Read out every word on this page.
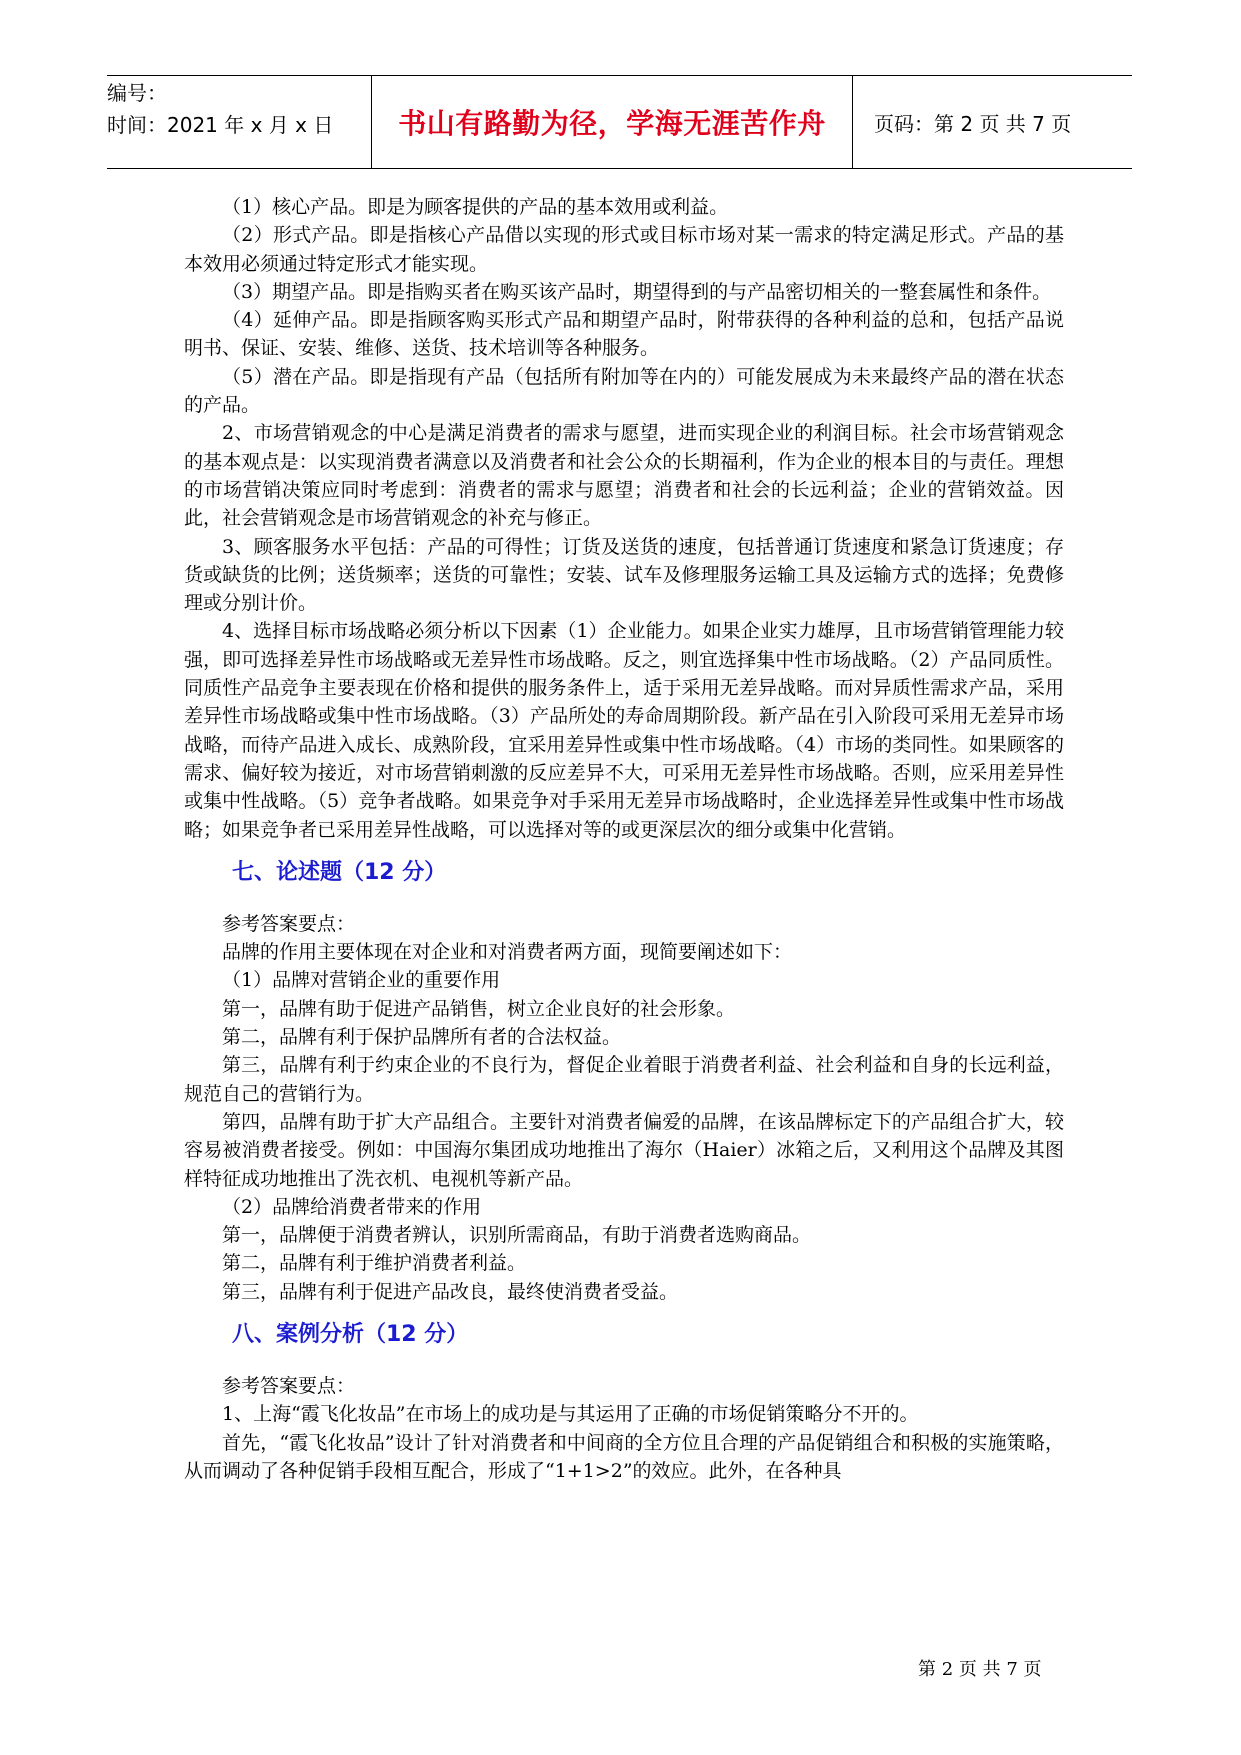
编号：
时间：2021 年 x 月 x 日	书山有路勤为径，学海无涯苦作舟 页码：第 2 页 共 7 页

（1）核心产品。即是为顾客提供的产品的基本效用或利益。

（2）形式产品。即是指核心产品借以实现的形式或目标市场对某一需求的特定满足形式。产品的基本效用必须通过特定形式才能实现。

（3）期望产品。即是指购买者在购买该产品时，期望得到的与产品密切相关的一整套属性和条件。

（4）延伸产品。即是指顾客购买形式产品和期望产品时，附带获得的各种利益的总和，包括产品说明书、保证、安装、维修、送货、技术培训等各种服务。

（5）潜在产品。即是指现有产品（包括所有附加等在内的）可能发展成为未来最终产品的潜在状态的产品。

2、市场营销观念的中心是满足消费者的需求与愿望，进而实现企业的利润目标。社会市场营销观念的基本观点是：以实现消费者满意以及消费者和社会公众的长期福利，作为企业的根本目的与责任。理想的市场营销决策应同时考虑到：消费者的需求与愿望；消费者和社会的长远利益；企业的营销效益。因此，社会营销观念是市场营销观念的补充与修正。

3、顾客服务水平包括：产品的可得性；订货及送货的速度，包括普通订货速度和紧急订货速度；存货或缺货的比例；送货频率；送货的可靠性；安装、试车及修理服务运输工具及运输方式的选择；免费修理或分别计价。

4、选择目标市场战略必须分析以下因素（1）企业能力。如果企业实力雄厚，且市场营销管理能力较强，即可选择差异性市场战略或无差异性市场战略。反之，则宜选择集中性市场战略。（2）产品同质性。同质性产品竞争主要表现在价格和提供的服务条件上，适于采用无差异战略。而对异质性需求产品，采用差异性市场战略或集中性市场战略。（3）产品所处的寿命周期阶段。新产品在引入阶段可采用无差异市场战略，而待产品进入成长、成熟阶段，宜采用差异性或集中性市场战略。（4）市场的类同性。如果顾客的需求、偏好较为接近，对市场营销刺激的反应差异不大，可采用无差异性市场战略。否则，应采用差异性或集中性战略。（5）竞争者战略。如果竞争对手采用无差异市场战略时，企业选择差异性或集中性市场战略；如果竞争者已采用差异性战略，可以选择对等的或更深层次的细分或集中化营销。

七、论述题（12 分）

参考答案要点：

品牌的作用主要体现在对企业和对消费者两方面，现简要阐述如下：

（1）品牌对营销企业的重要作用

第一，品牌有助于促进产品销售，树立企业良好的社会形象。

第二，品牌有利于保护品牌所有者的合法权益。

第三，品牌有利于约束企业的不良行为，督促企业着眼于消费者利益、社会利益和自身的长远利益，规范自己的营销行为。

第四，品牌有助于扩大产品组合。主要针对消费者偏爱的品牌，在该品牌标定下的产品组合扩大，较容易被消费者接受。例如：中国海尔集团成功地推出了海尔（Haier）冰箱之后，又利用这个品牌及其图样特征成功地推出了洗衣机、电视机等新产品。

（2）品牌给消费者带来的作用

第一，品牌便于消费者辨认，识别所需商品，有助于消费者选购商品。

第二，品牌有利于维护消费者利益。

第三，品牌有利于促进产品改良，最终使消费者受益。

八、案例分析（12 分）

参考答案要点：

1、上海“霞飞化妆品”在市场上的成功是与其运用了正确的市场促销策略分不开的。

首先，“霞飞化妆品”设计了针对消费者和中间商的全方位且合理的产品促销组合和积极的实施策略，从而调动了各种促销手段相互配合，形成了“1+1>2”的效应。此外，在各种具

第 2 页 共 7 页
